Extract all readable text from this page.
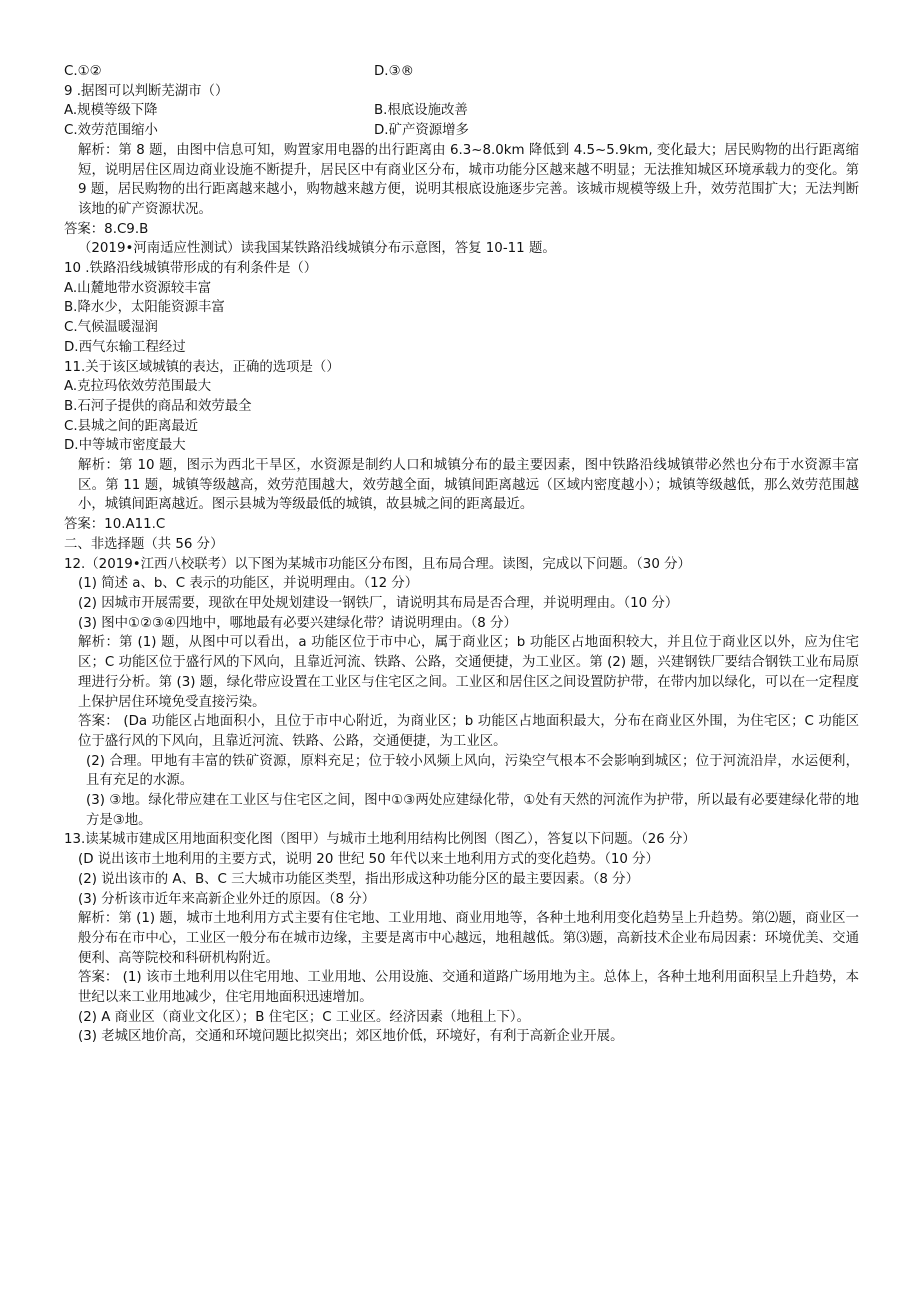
C.①②	D.③®
9 .据图可以判断芜湖市（）
A.规模等级下降	B.根底设施改善
C.效劳范围缩小	D.矿产资源增多
解析：第 8 题，由图中信息可知，购置家用电器的出行距离由 6.3~8.0km 降低到 4.5~5.9km, 变化最大；居民购物的出行距离缩短，说明居住区周边商业设施不断提升，居民区中有商业区分布，城市功能分区越来越不明显；无法推知城区环境承载力的变化。第 9 题，居民购物的出行距离越来越小，购物越来越方便，说明其根底设施逐步完善。该城市规模等级上升，效劳范围扩大；无法判断该地的矿产资源状况。
答案：8.C9.B
（2019•河南适应性测试）读我国某铁路沿线城镇分布示意图，答复 10-11 题。
10 .铁路沿线城镇带形成的有利条件是（）
A.山麓地带水资源较丰富
B.降水少，太阳能资源丰富
C.气候温暖湿润
D.西气东输工程经过
11.关于该区域城镇的表达，正确的选项是（）
A.克拉玛依效劳范围最大
B.石河子提供的商品和效劳最全
C.县城之间的距离最近
D.中等城市密度最大
解析：第 10 题，图示为西北干旱区，水资源是制约人口和城镇分布的最主要因素，图中铁路沿线城镇带必然也分布于水资源丰富区。第 11 题，城镇等级越高，效劳范围越大，效劳越全面，城镇间距离越远（区域内密度越小）；城镇等级越低，那么效劳范围越小，城镇间距离越近。图示县城为等级最低的城镇，故县城之间的距离最近。
答案：10.A11.C
二、非选择题（共 56 分）
12.（2019•江西八校联考）以下图为某城市功能区分布图，且布局合理。读图，完成以下问题。（30 分）
(1) 简述 a、b、C 表示的功能区，并说明理由。（12 分）
(2) 因城市开展需要，现欲在甲处规划建设一钢铁厂，请说明其布局是否合理，并说明理由。（10 分）
(3) 图中①②③④四地中，哪地最有必要兴建绿化带？请说明理由。（8 分）
解析：第 (1) 题，从图中可以看出，a 功能区位于市中心，属于商业区；b 功能区占地面积较大，并且位于商业区以外，应为住宅区；C 功能区位于盛行风的下风向，且靠近河流、铁路、公路，交通便捷，为工业区。第 (2) 题，兴建钢铁厂要结合钢铁工业布局原理进行分析。第 (3) 题，绿化带应设置在工业区与住宅区之间。工业区和居住区之间设置防护带，在带内加以绿化，可以在一定程度上保护居住环境免受直接污染。
答案： (Da 功能区占地面积小，且位于市中心附近，为商业区；b 功能区占地面积最大，分布在商业区外围，为住宅区；C 功能区位于盛行风的下风向，且靠近河流、铁路、公路，交通便捷，为工业区。
(2) 合理。甲地有丰富的铁矿资源，原料充足；位于较小风频上风向，污染空气根本不会影响到城区；位于河流沿岸，水运便利，且有充足的水源。
(3) ③地。绿化带应建在工业区与住宅区之间，图中①③两处应建绿化带，①处有天然的河流作为护带，所以最有必要建绿化带的地方是③地。
13.读某城市建成区用地面积变化图（图甲）与城市土地利用结构比例图（图乙），答复以下问题。（26 分）
(D 说出该市土地利用的主要方式，说明 20 世纪 50 年代以来土地利用方式的变化趋势。（10 分）
(2) 说出该市的 A、B、C 三大城市功能区类型，指出形成这种功能分区的最主要因素。（8 分）
(3) 分析该市近年来高新企业外迁的原因。（8 分）
解析：第 (1) 题，城市土地利用方式主要有住宅地、工业用地、商业用地等，各种土地利用变化趋势呈上升趋势。第⑵题，商业区一般分布在市中心，工业区一般分布在城市边缘，主要是离市中心越远，地租越低。第⑶题，高新技术企业布局因素：环境优美、交通便利、高等院校和科研机构附近。
答案： (1) 该市土地利用以住宅用地、工业用地、公用设施、交通和道路广场用地为主。总体上，各种土地利用面积呈上升趋势，本世纪以来工业用地减少，住宅用地面积迅速增加。
(2) A 商业区（商业文化区）；B 住宅区；C 工业区。经济因素（地租上下）。
(3) 老城区地价高，交通和环境问题比拟突出；郊区地价低，环境好，有利于高新企业开展。
